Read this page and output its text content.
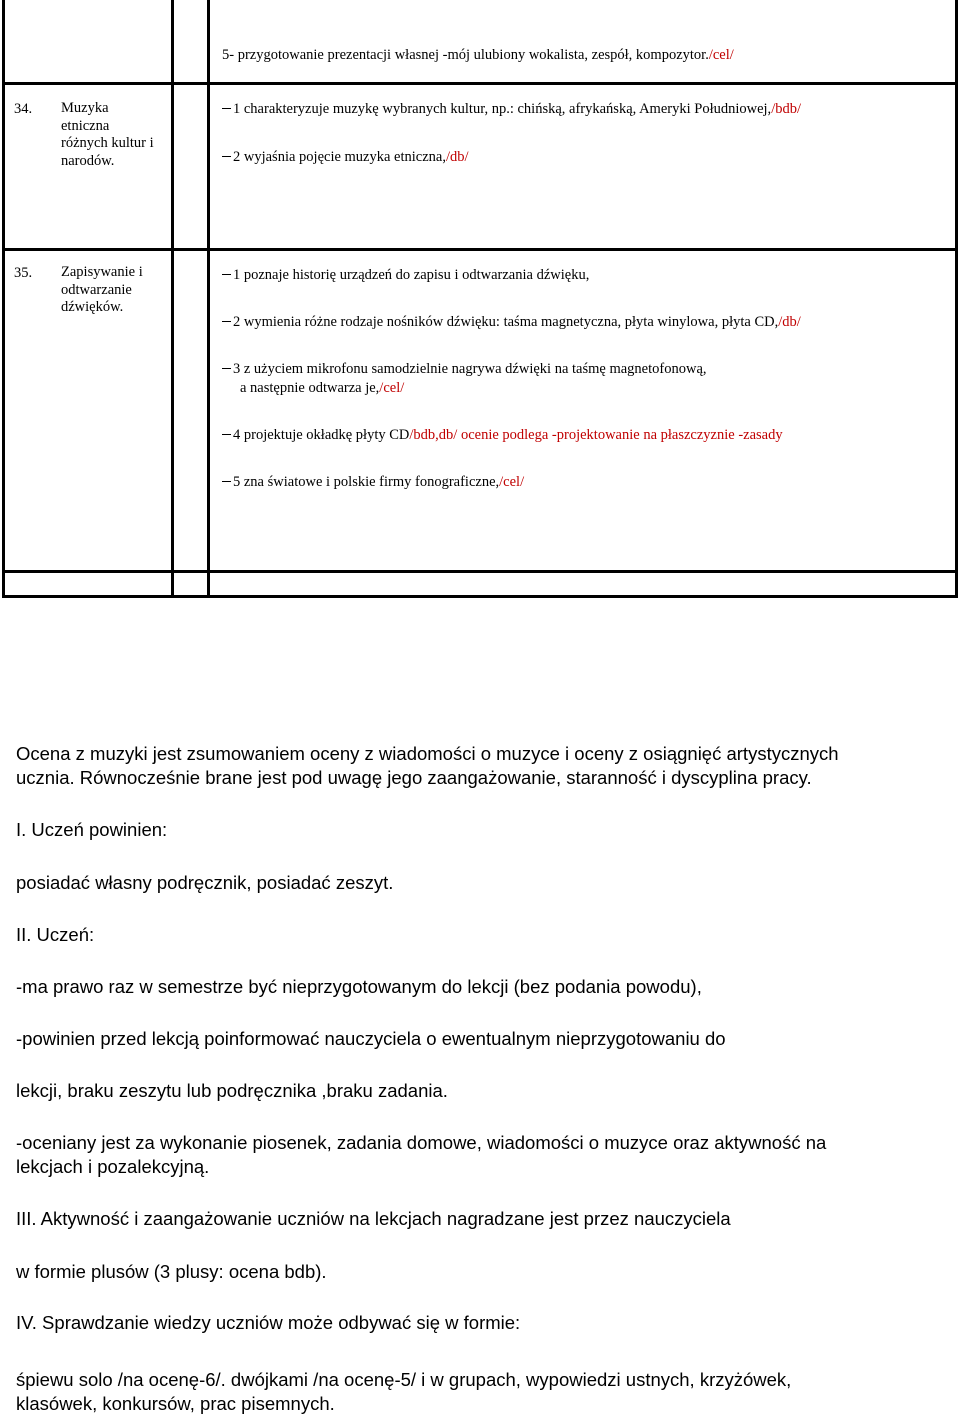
5- przygotowanie prezentacji własnej -mój ulubiony wokalista, zespół, kompozytor./cel/
34. Muzyka
etniczna
różnych kultur i
narodów.
1 charakteryzuje muzykę wybranych kultur, np.: chińską, afrykańską, Ameryki Południowej,/bdb/
2 wyjaśnia pojęcie muzyka etniczna,/db/
35. Zapisywanie i
odtwarzanie
dźwięków.
1 poznaje historię urządzeń do zapisu i odtwarzania dźwięku,
2 wymienia różne rodzaje nośników dźwięku: taśma magnetyczna, płyta winylowa, płyta CD,/db/
3 z użyciem mikrofonu samodzielnie nagrywa dźwięki na taśmę magnetofonową,
a następnie odtwarza je,/cel/
4 projektuje okładkę płyty CD/bdb,db/ ocenie podlega -projektowanie na płaszczyznie -zasady
5 zna światowe i polskie firmy fonograficzne,/cel/
Ocena z muzyki jest zsumowaniem oceny z wiadomości o muzyce i oceny z osiągnięć artystycznych
ucznia. Równocześnie brane jest pod uwagę jego zaangażowanie, staranność i dyscyplina pracy.
I. Uczeń powinien:
posiadać własny podręcznik, posiadać zeszyt.
II. Uczeń:
-ma prawo raz w semestrze być nieprzygotowanym do lekcji (bez podania powodu),
-powinien przed lekcją poinformować nauczyciela o ewentualnym nieprzygotowaniu do
lekcji, braku zeszytu lub podręcznika ,braku zadania.
-oceniany jest za wykonanie piosenek, zadania domowe, wiadomości o muzyce oraz aktywność na
lekcjach i pozalekcyjną.
III. Aktywność i zaangażowanie uczniów na lekcjach nagradzane jest przez nauczyciela
w formie plusów (3 plusy: ocena bdb).
IV. Sprawdzanie wiedzy uczniów może odbywać się w formie:
śpiewu solo /na ocenę-6/. dwójkami /na ocenę-5/ i w grupach, wypowiedzi ustnych, krzyżówek,
klasówek, konkursów, prac pisemnych.
